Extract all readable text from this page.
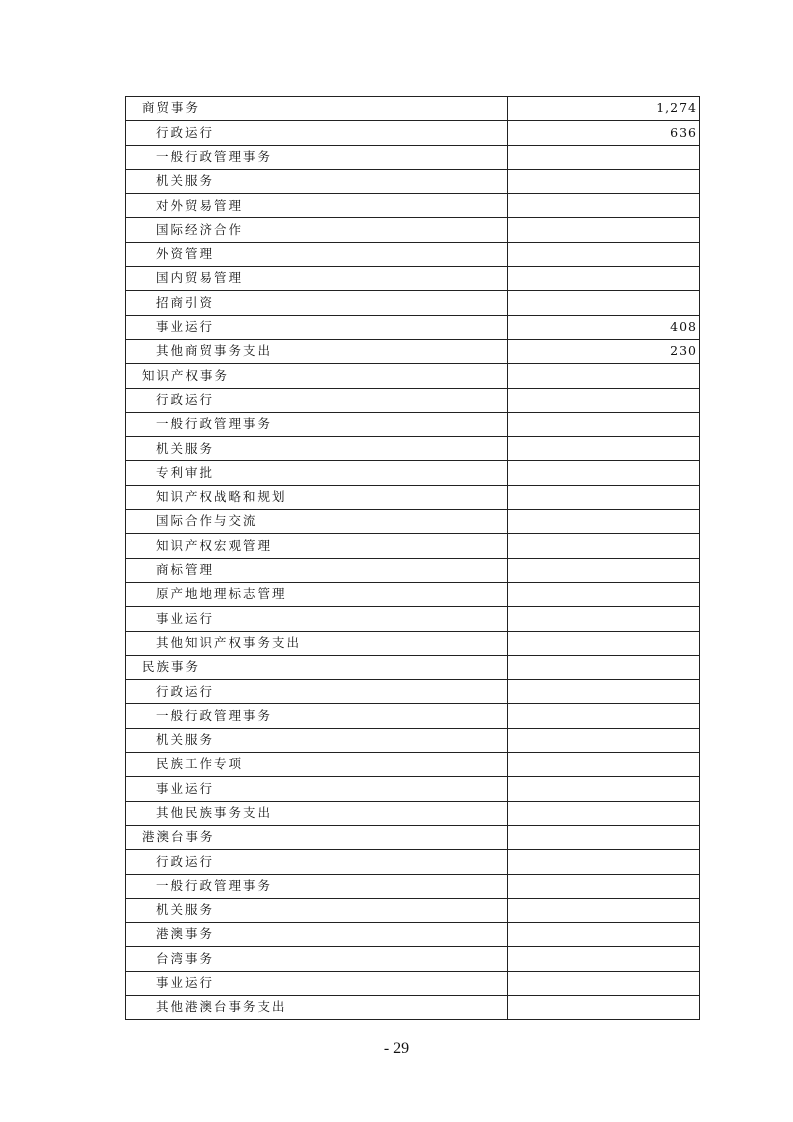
商贸事务	1,274
行政运行	636
一般行政管理事务	
机关服务	
对外贸易管理	
国际经济合作	
外资管理	
国内贸易管理	
招商引资	
事业运行	408
其他商贸事务支出	230
知识产权事务	
行政运行	
一般行政管理事务	
机关服务	
专利审批	
知识产权战略和规划	
国际合作与交流	
知识产权宏观管理	
商标管理	
原产地地理标志管理	
事业运行	
其他知识产权事务支出	
民族事务	
行政运行	
一般行政管理事务	
机关服务	
民族工作专项	
事业运行	
其他民族事务支出	
港澳台事务	
行政运行	
一般行政管理事务	
机关服务	
港澳事务	
台湾事务	
事业运行	
其他港澳台事务支出	
- 29
